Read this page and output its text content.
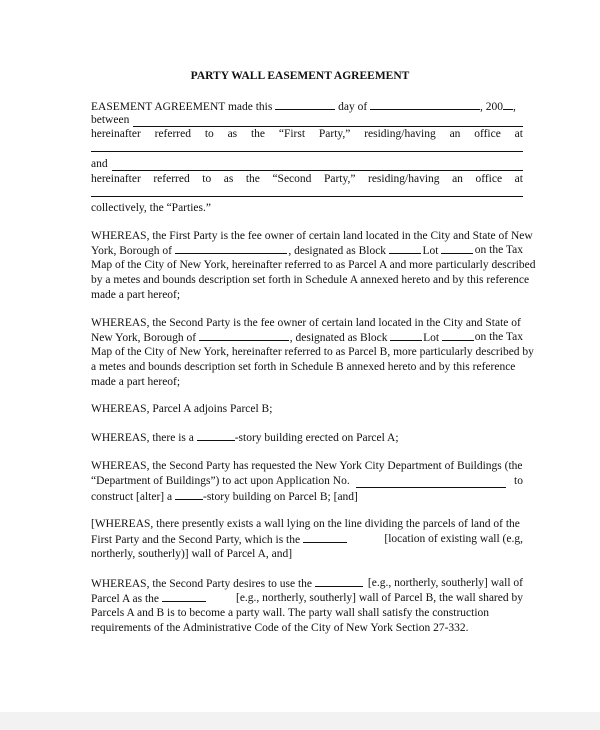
PARTY WALL EASEMENT AGREEMENT
EASEMENT AGREEMENT made this	day of	, 200 ,
between
hereinafter referred to as the “First Party,” residing/having an office at
and
hereinafter referred to as the “Second Party,” residing/having an office at
collectively, the “Parties.”
WHEREAS, the First Party is the fee owner of certain land located in the City and State of New
York, Borough of	, designated as Block	Lot	on the Tax
Map of the City of New York, hereinafter referred to as Parcel A and more particularly described
by a metes and bounds description set forth in Schedule A annexed hereto and by this reference
made a part hereof;
WHEREAS, the Second Party is the fee owner of certain land located in the City and State of
New York, Borough of	, designated as Block	Lot	on the Tax
Map of the City of New York, hereinafter referred to as Parcel B, more particularly described by
a metes and bounds description set forth in Schedule B annexed hereto and by this reference
made a part hereof;
WHEREAS, Parcel A adjoins Parcel B;
WHEREAS, there is a	-story building erected on Parcel A;
WHEREAS, the Second Party has requested the New York City Department of Buildings (the
“Department of Buildings”) to act upon Application No.	to
construct [alter] a	-story building on Parcel B; [and]
[WHEREAS, there presently exists a wall lying on the line dividing the parcels of land of the
First Party and the Second Party, which is the	[location of existing wall (e.g,
northerly, southerly)] wall of Parcel A, and]
WHEREAS, the Second Party desires to use the	[e.g., northerly, southerly] wall of
Parcel A as the	[e.g., northerly, southerly] wall of Parcel B, the wall shared by
Parcels A and B is to become a party wall. The party wall shall satisfy the construction
requirements of the Administrative Code of the City of New York Section 27-332.
